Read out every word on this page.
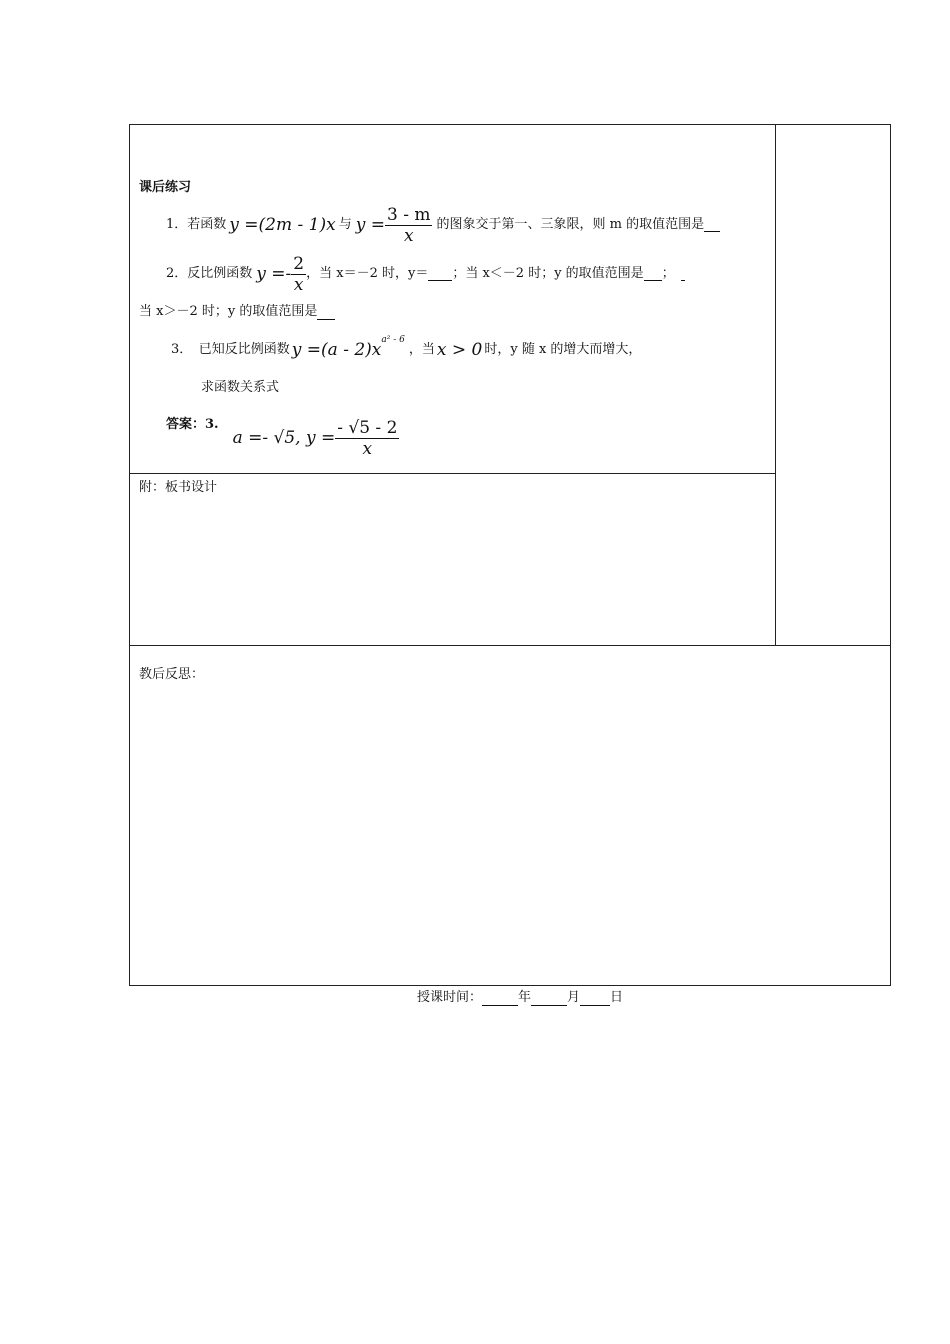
课后练习
1．若函数 y =(2m - 1)x 与 $y = \frac{3 - m}{x}$ 的图象交于第一、三象限，则 m 的取值范围是
2．反比例函数 $y =- \frac{2}{x}$ ，当 x＝－2 时，y＝ ；当 x＜－2 时；y 的取值范围是 ；
当 x＞－2 时；y 的取值范围是
3．　已知反比例函数 $y =(a - 2)x^{a^2 - 6}$
，当 x > 0 时，y 随 x 的增大而增大，
求函数关系式
答案：3.
a =- √5, $y = \frac{- √5 - 2}{x}$
附：板书设计
教后反思：
授课时间：	年	月 日
